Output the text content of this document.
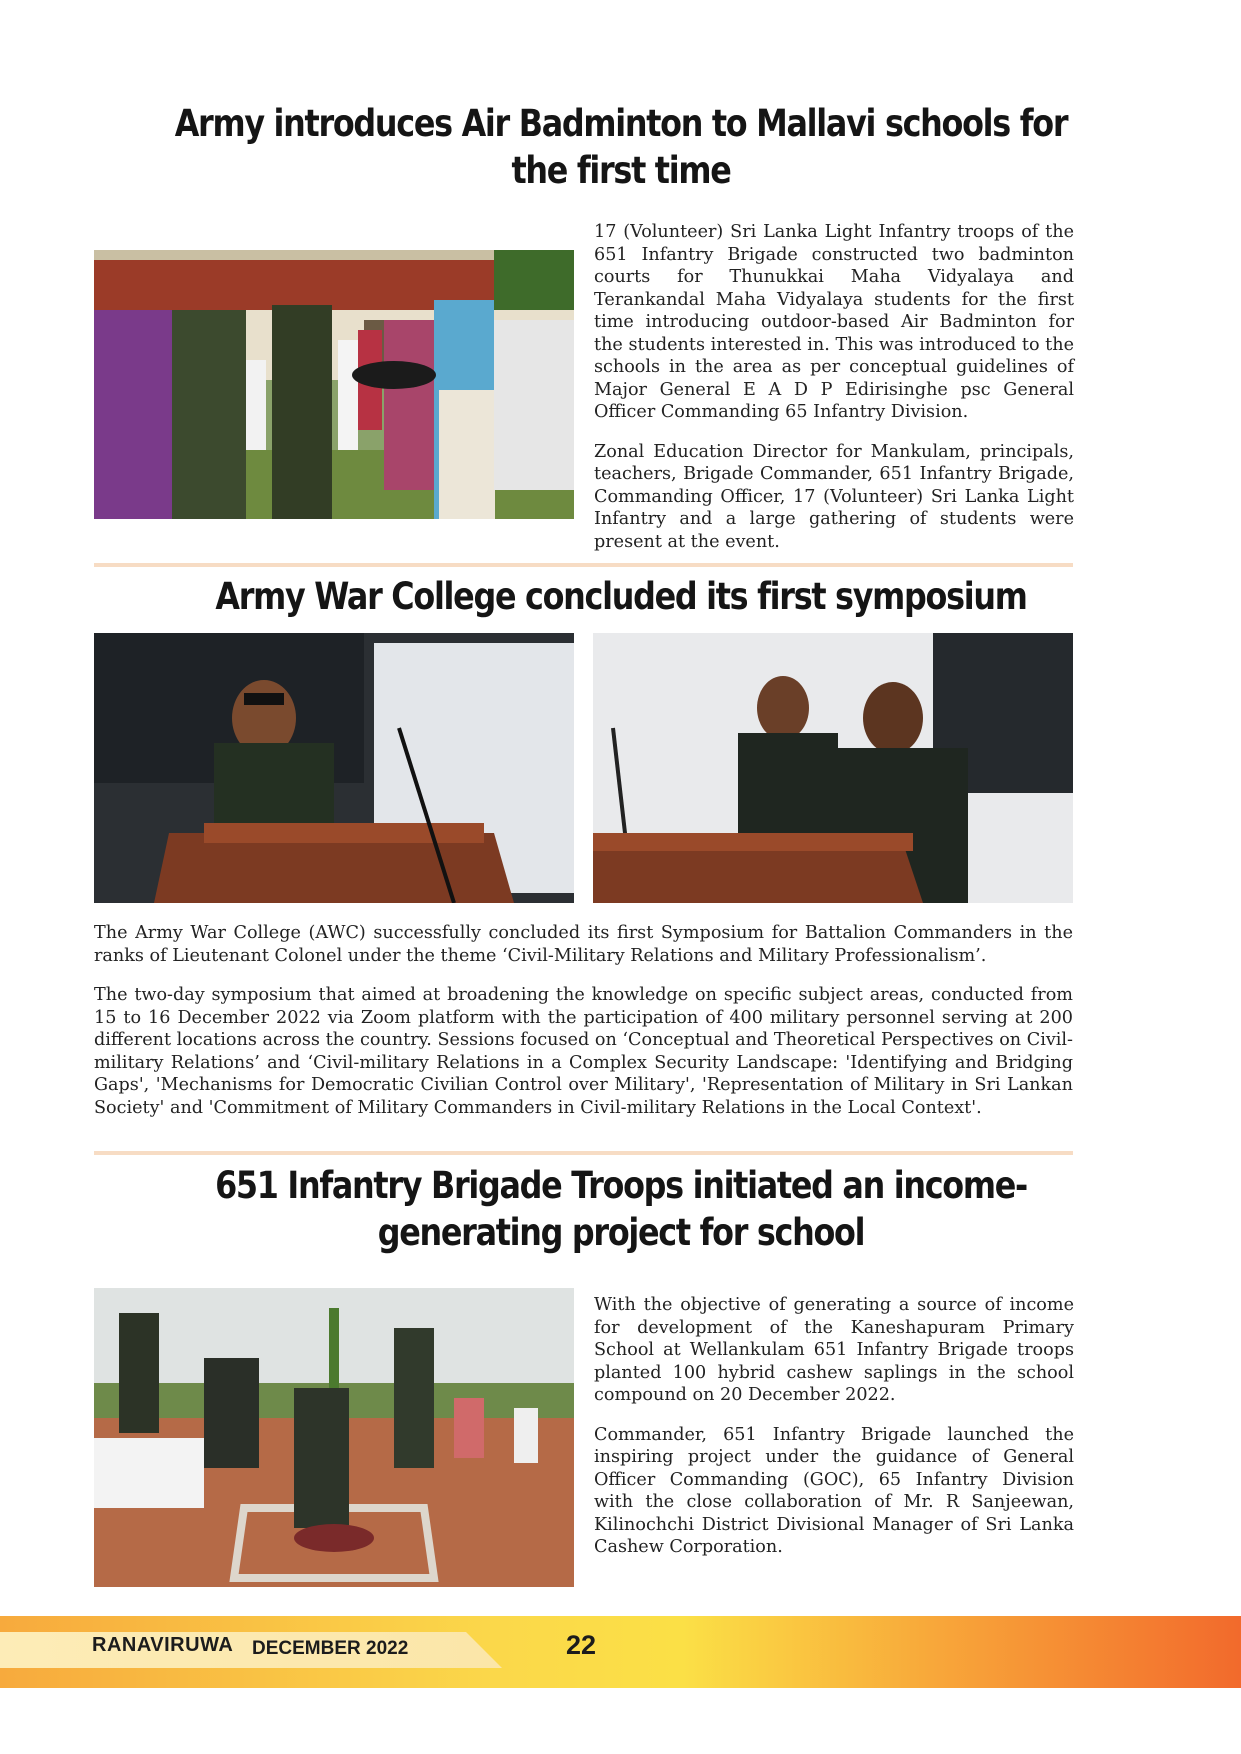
Army introduces Air Badminton to Mallavi schools for the first time

17 (Volunteer) Sri Lanka Light Infantry troops of the 651 Infantry Brigade constructed two badminton courts for Thunukkai Maha Vidyalaya and Terankandal Maha Vidyalaya students for the first time introducing outdoor-based Air Badminton for the students interested in. This was introduced to the schools in the area as per conceptual guidelines of Major General E A D P Edirisinghe psc General Officer Commanding 65 Infantry Division.

Zonal Education Director for Mankulam, principals, teachers, Brigade Commander, 651 Infantry Brigade, Commanding Officer, 17 (Volunteer) Sri Lanka Light Infantry and a large gathering of students were present at the event.

Army War College concluded its first symposium

The Army War College (AWC) successfully concluded its first Symposium for Battalion Commanders in the ranks of Lieutenant Colonel under the theme ‘Civil-Military Relations and Military Professionalism’.

The two-day symposium that aimed at broadening the knowledge on specific subject areas, conducted from 15 to 16 December 2022 via Zoom platform with the participation of 400 military personnel serving at 200 different locations across the country. Sessions focused on ‘Conceptual and Theoretical Perspectives on Civil-military Relations’ and ‘Civil-military Relations in a Complex Security Landscape: 'Identifying and Bridging Gaps', 'Mechanisms for Democratic Civilian Control over Military', 'Representation of Military in Sri Lankan Society' and 'Commitment of Military Commanders in Civil-military Relations in the Local Context'.

651 Infantry Brigade Troops initiated an income-generating project for school

With the objective of generating a source of income for development of the Kaneshapuram Primary School at Wellankulam 651 Infantry Brigade troops planted 100 hybrid cashew saplings in the school compound on 20 December 2022.

Commander, 651 Infantry Brigade launched the inspiring project under the guidance of General Officer Commanding (GOC), 65 Infantry Division with the close collaboration of Mr. R Sanjeewan, Kilinochchi District Divisional Manager of Sri Lanka Cashew Corporation.

RANAVIRUWA DECEMBER 2022	22
